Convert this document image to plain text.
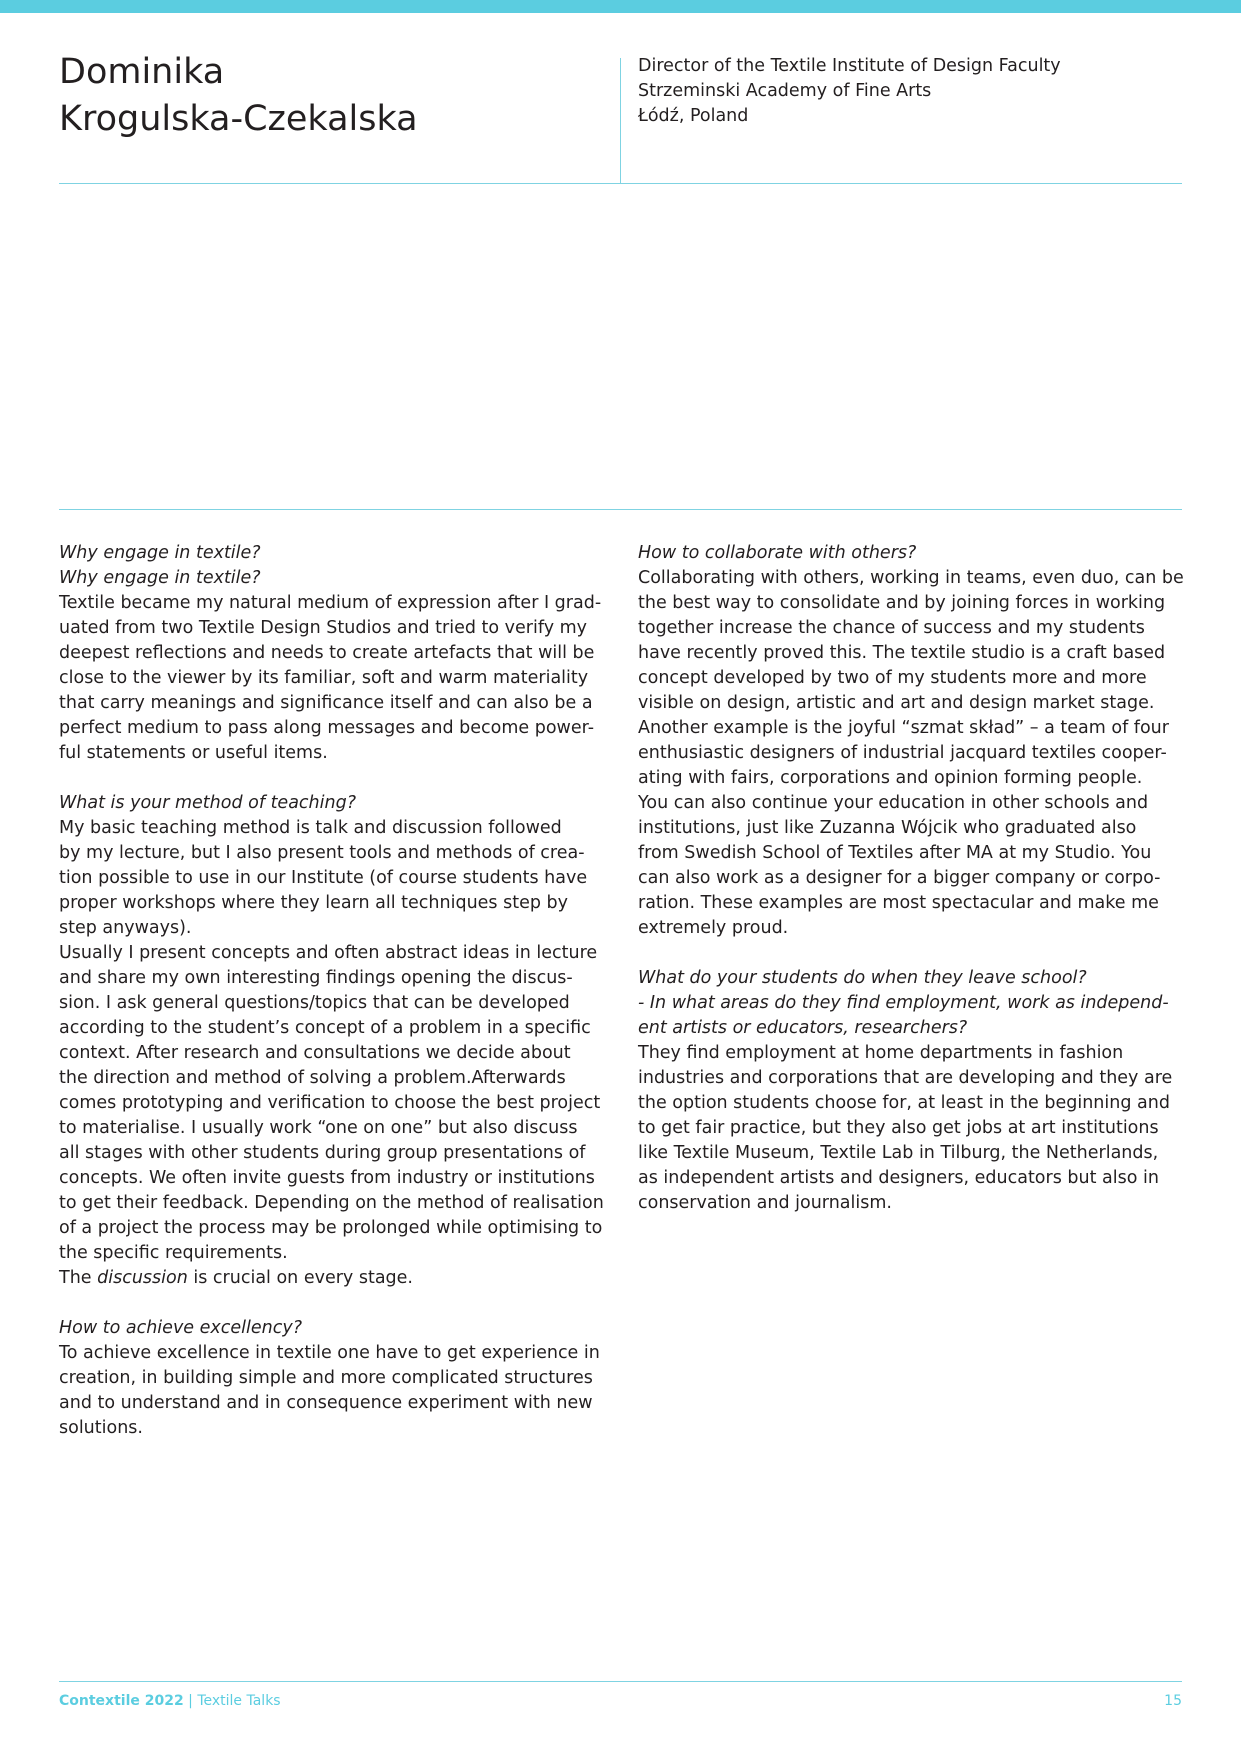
Dominika
Krogulska-Czekalska
Director of the Textile Institute of Design Faculty
Strzeminski Academy of Fine Arts
Łódź, Poland
Why engage in textile?
Why engage in textile?
Textile became my natural medium of expression after I grad-
uated from two Textile Design Studios and tried to verify my
deepest reflections and needs to create artefacts that will be
close to the viewer by its familiar, soft and warm materiality
that carry meanings and significance itself and can also be a
perfect medium to pass along messages and become power-
ful statements or useful items.
What is your method of teaching?
My basic teaching method is talk and discussion followed
by my lecture, but I also present tools and methods of crea-
tion possible to use in our Institute (of course students have
proper workshops where they learn all techniques step by
step anyways).
Usually I present concepts and often abstract ideas in lecture
and share my own interesting findings opening the discus-
sion. I ask general questions/topics that can be developed
according to the student’s concept of a problem in a specific
context. After research and consultations we decide about
the direction and method of solving a problem.Afterwards
comes prototyping and verification to choose the best project
to materialise. I usually work “one on one” but also discuss
all stages with other students during group presentations of
concepts. We often invite guests from industry or institutions
to get their feedback. Depending on the method of realisation
of a project the process may be prolonged while optimising to
the specific requirements.
The discussion is crucial on every stage.
How to achieve excellency?
To achieve excellence in textile one have to get experience in
creation, in building simple and more complicated structures
and to understand and in consequence experiment with new
solutions.
How to collaborate with others?
Collaborating with others, working in teams, even duo, can be
the best way to consolidate and by joining forces in working
together increase the chance of success and my students
have recently proved this. The textile studio is a craft based
concept developed by two of my students more and more
visible on design, artistic and art and design market stage.
Another example is the joyful “szmat skład” – a team of four
enthusiastic designers of industrial jacquard textiles cooper-
ating with fairs, corporations and opinion forming people.
You can also continue your education in other schools and
institutions, just like Zuzanna Wójcik who graduated also
from Swedish School of Textiles after MA at my Studio. You
can also work as a designer for a bigger company or corpo-
ration. These examples are most spectacular and make me
extremely proud.
What do your students do when they leave school?
- In what areas do they find employment, work as independ-
ent artists or educators, researchers?
They find employment at home departments in fashion
industries and corporations that are developing and they are
the option students choose for, at least in the beginning and
to get fair practice, but they also get jobs at art institutions
like Textile Museum, Textile Lab in Tilburg, the Netherlands,
as independent artists and designers, educators but also in
conservation and journalism.
Contextile 2022 | Textile Talks	15
